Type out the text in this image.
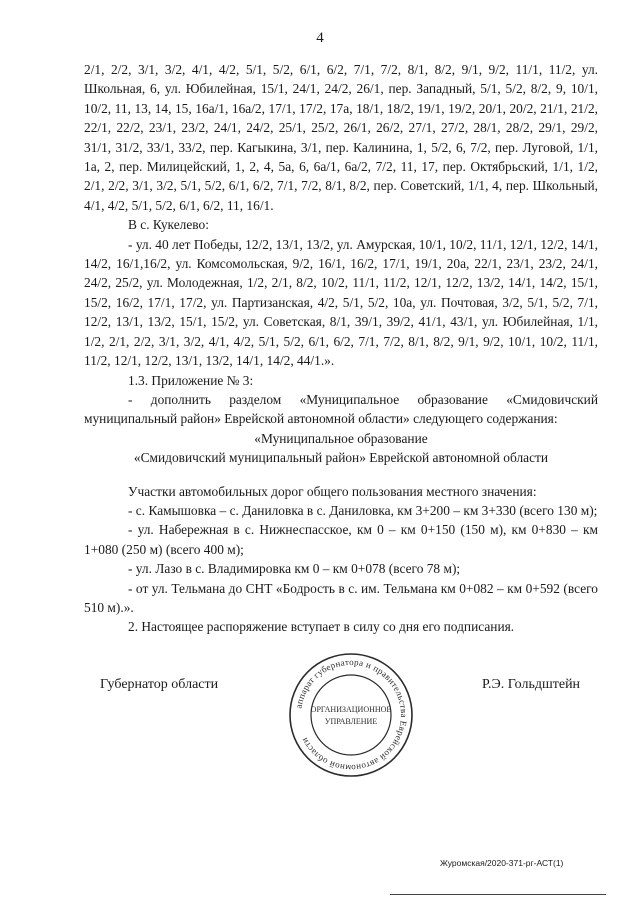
4

2/1, 2/2, 3/1, 3/2, 4/1, 4/2, 5/1, 5/2, 6/1, 6/2, 7/1, 7/2, 8/1, 8/2, 9/1, 9/2, 11/1, 11/2, ул. Школьная, 6, ул. Юбилейная, 15/1, 24/1, 24/2, 26/1, пер. Западный, 5/1, 5/2, 8/2, 9, 10/1, 10/2, 11, 13, 14, 15, 16а/1, 16а/2, 17/1, 17/2, 17а, 18/1, 18/2, 19/1, 19/2, 20/1, 20/2, 21/1, 21/2, 22/1, 22/2, 23/1, 23/2, 24/1, 24/2, 25/1, 25/2, 26/1, 26/2, 27/1, 27/2, 28/1, 28/2, 29/1, 29/2, 31/1, 31/2, 33/1, 33/2, пер. Кагыкина, 3/1, пер. Калинина, 1, 5/2, 6, 7/2, пер. Луговой, 1/1, 1а, 2, пер. Милицейский, 1, 2, 4, 5а, 6, 6а/1, 6а/2, 7/2, 11, 17, пер. Октябрьский, 1/1, 1/2, 2/1, 2/2, 3/1, 3/2, 5/1, 5/2, 6/1, 6/2, 7/1, 7/2, 8/1, 8/2, пер. Советский, 1/1, 4, пер. Школьный, 4/1, 4/2, 5/1, 5/2, 6/1, 6/2, 11, 16/1.

В с. Кукелево:

- ул. 40 лет Победы, 12/2, 13/1, 13/2, ул. Амурская, 10/1, 10/2, 11/1, 12/1, 12/2, 14/1, 14/2, 16/1,16/2, ул. Комсомольская, 9/2, 16/1, 16/2, 17/1, 19/1, 20а, 22/1, 23/1, 23/2, 24/1, 24/2, 25/2, ул. Молодежная, 1/2, 2/1, 8/2, 10/2, 11/1, 11/2, 12/1, 12/2, 13/2, 14/1, 14/2, 15/1, 15/2, 16/2, 17/1, 17/2, ул. Партизанская, 4/2, 5/1, 5/2, 10а, ул. Почтовая, 3/2, 5/1, 5/2, 7/1, 12/2, 13/1, 13/2, 15/1, 15/2, ул. Советская, 8/1, 39/1, 39/2, 41/1, 43/1, ул. Юбилейная, 1/1, 1/2, 2/1, 2/2, 3/1, 3/2, 4/1, 4/2, 5/1, 5/2, 6/1, 6/2, 7/1, 7/2, 8/1, 8/2, 9/1, 9/2, 10/1, 10/2, 11/1, 11/2, 12/1, 12/2, 13/1, 13/2, 14/1, 14/2, 44/1.».

1.3. Приложение № 3:

- дополнить разделом «Муниципальное образование «Смидовичский муниципальный район» Еврейской автономной области» следующего содержания:

«Муниципальное образование

«Смидовичский муниципальный район» Еврейской автономной области

Участки автомобильных дорог общего пользования местного значения:

- с. Камышовка – с. Даниловка в с. Даниловка, км 3+200 – км 3+330 (всего 130 м);

- ул. Набережная в с. Нижнеспасское, км 0 – км 0+150 (150 м), км 0+830 – км 1+080 (250 м) (всего 400 м);

- ул. Лазо в с. Владимировка км 0 – км 0+078 (всего 78 м);

- от ул. Тельмана до СНТ «Бодрость в с. им. Тельмана км 0+082 – км 0+592 (всего 510 м).».

2. Настоящее распоряжение вступает в силу со дня его подписания.

Губернатор области
аппарат губернатора и правительства Еврейской автономной области
ОРГАНИЗАЦИОННОЕ
УПРАВЛЕНИЕ
Р.Э. Гольдштейн
Журомская/2020-371-рг-АСТ(1)
